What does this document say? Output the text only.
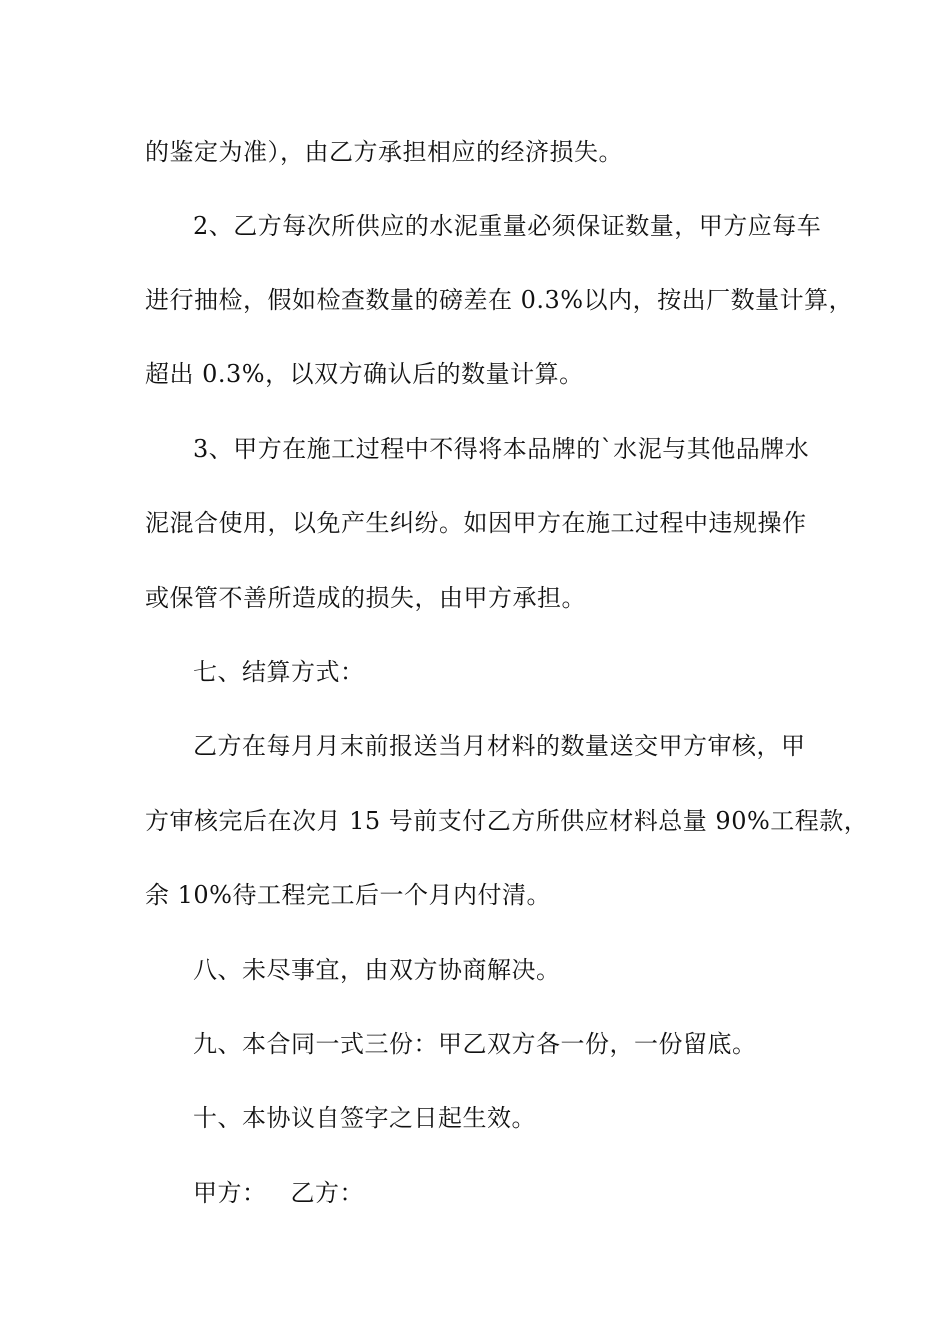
的鉴定为准），由乙方承担相应的经济损失。
2、乙方每次所供应的水泥重量必须保证数量，甲方应每车
进行抽检，假如检查数量的磅差在 0.3%以内，按出厂数量计算，
超出 0.3%，以双方确认后的数量计算。
3、甲方在施工过程中不得将本品牌的`水泥与其他品牌水
泥混合使用，以免产生纠纷。如因甲方在施工过程中违规操作
或保管不善所造成的损失，由甲方承担。
七、结算方式：
乙方在每月月末前报送当月材料的数量送交甲方审核，甲
方审核完后在次月 15 号前支付乙方所供应材料总量 90%工程款，
余 10%待工程完工后一个月内付清。
八、未尽事宜，由双方协商解决。
九、本合同一式三份：甲乙双方各一份，一份留底。
十、本协议自签字之日起生效。
甲方： 乙方：
